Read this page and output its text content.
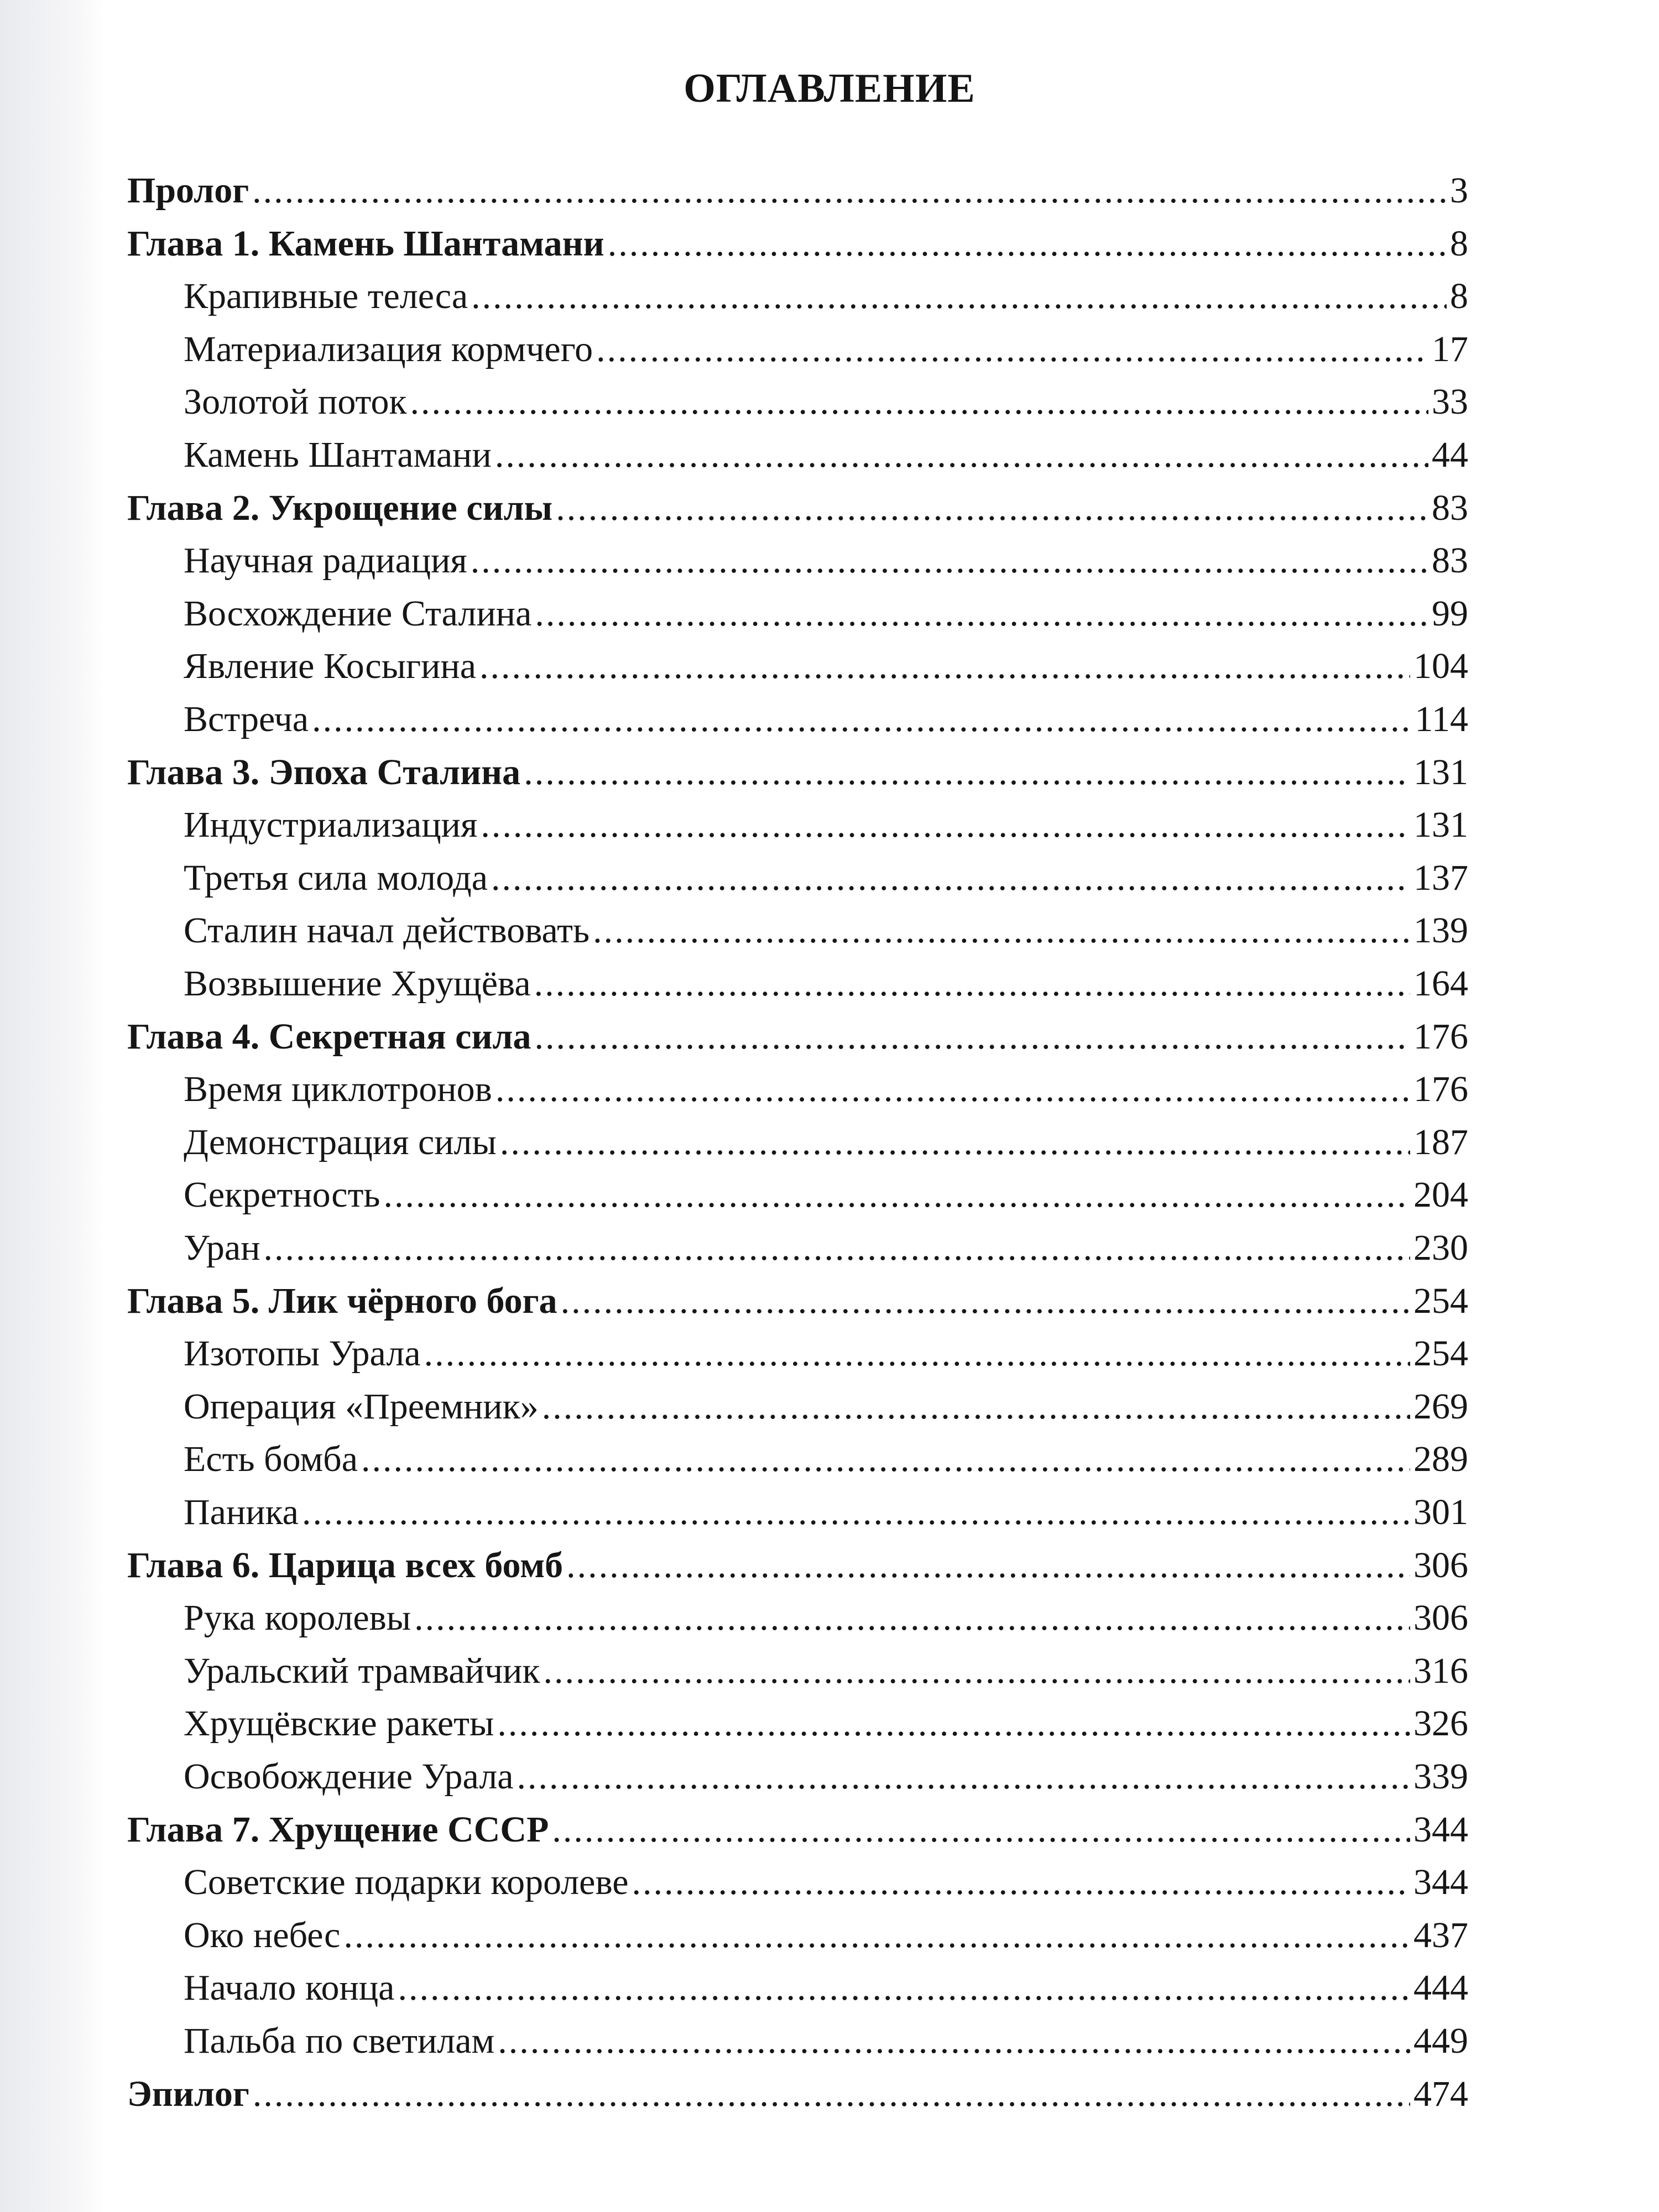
ОГЛАВЛЕНИЕ
Пролог .....	3
Глава 1. Камень Шантамани .....	8
Крапивные телеса .....	8
Материализация кормчего .....	17
Золотой поток .....	33
Камень Шантамани .....	44
Глава 2. Укрощение силы .....	83
Научная радиация .....	83
Восхождение Сталина .....	99
Явление Косыгина .....	104
Встреча .....	114
Глава 3. Эпоха Сталина .....	131
Индустриализация .....	131
Третья сила молода .....	137
Сталин начал действовать .....	139
Возвышение Хрущёва .....	164
Глава 4. Секретная сила .....	176
Время циклотронов .....	176
Демонстрация силы .....	187
Секретность .....	204
Уран .....	230
Глава 5. Лик чёрного бога .....	254
Изотопы Урала .....	254
Операция «Преемник» .....	269
Есть бомба .....	289
Паника .....	301
Глава 6. Царица всех бомб .....	306
Рука королевы .....	306
Уральский трамвайчик .....	316
Хрущёвские ракеты .....	326
Освобождение Урала .....	339
Глава 7. Хрущение СССР .....	344
Советские подарки королеве .....	344
Око небес .....	437
Начало конца .....	444
Пальба по светилам .....	449
Эпилог .....	474
